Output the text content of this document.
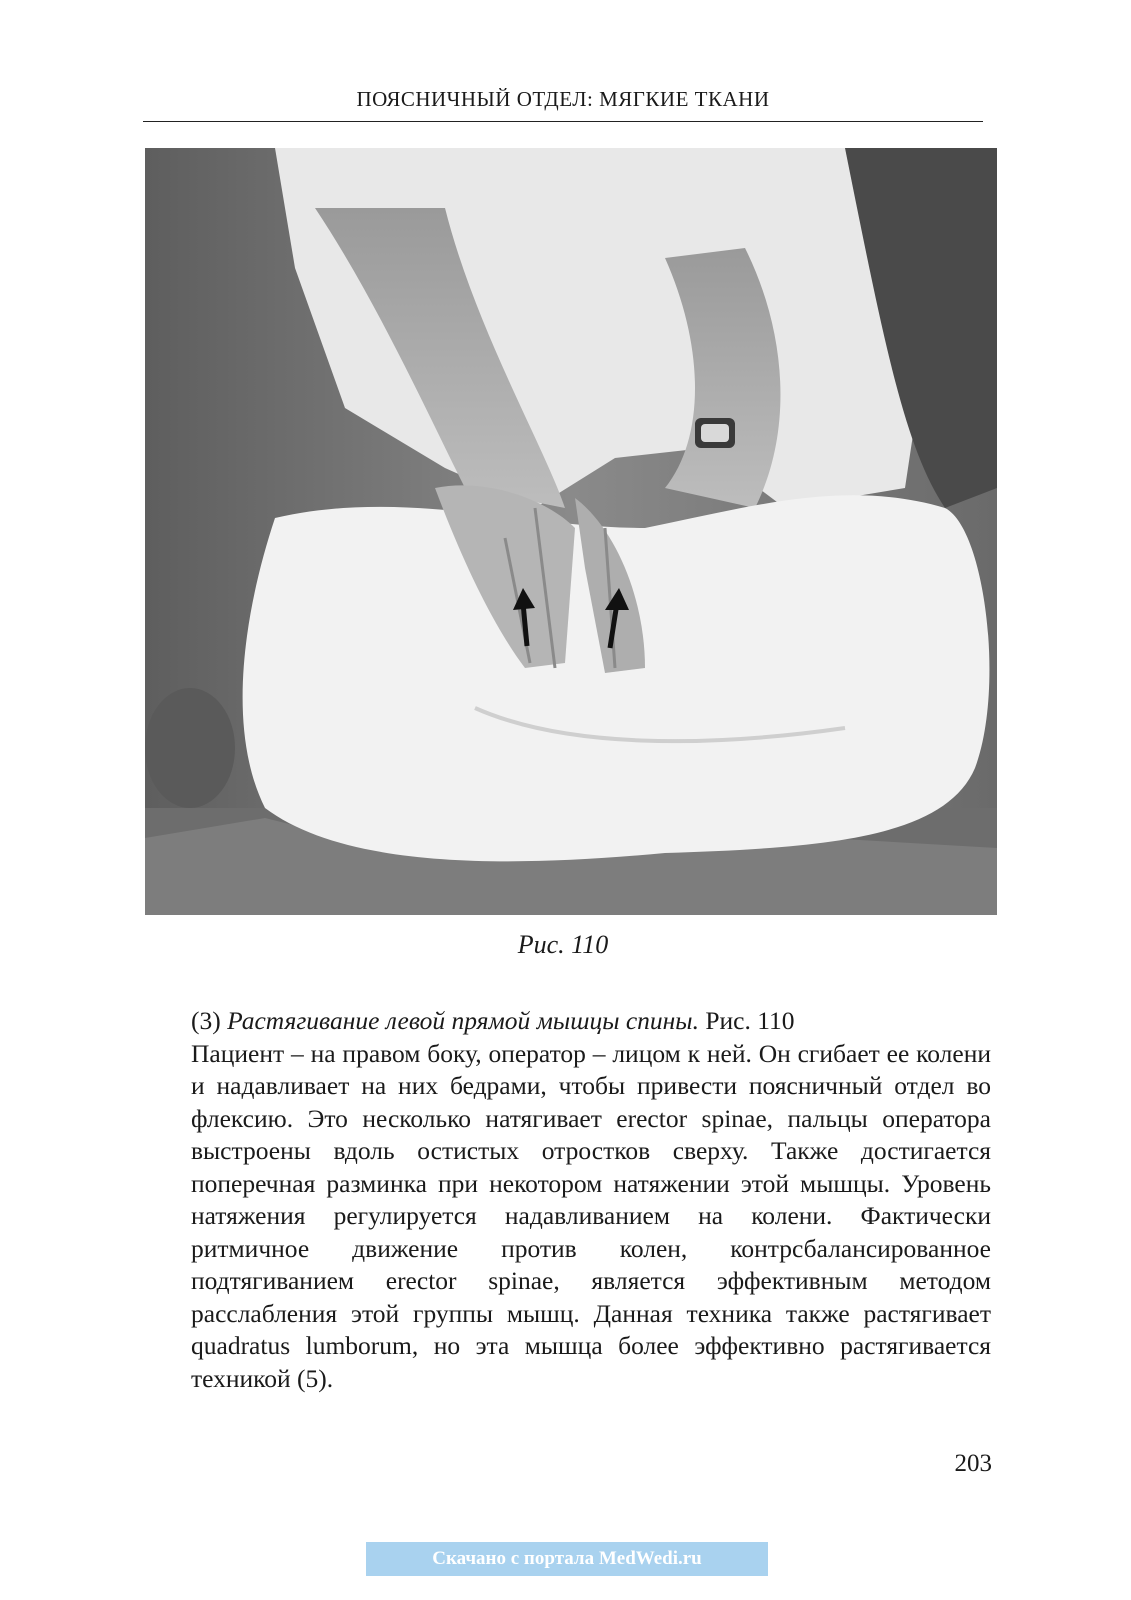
ПОЯСНИЧНЫЙ ОТДЕЛ: МЯГКИЕ ТКАНИ
Рис. 110

(3) Растягивание левой прямой мышцы спины. Рис. 110

Пациент – на правом боку, оператор – лицом к ней. Он сгибает ее колени и надавливает на них бедрами, чтобы привести поясничный отдел во флексию. Это несколько натягивает erector spinae, пальцы оператора выстроены вдоль остистых отростков сверху. Также достигается поперечная разминка при некотором натяжении этой мышцы. Уровень натяжения регулируется надавливанием на колени. Фактически ритмичное движение против колен, контрсбалансированное подтягиванием erector spinae, является эффективным методом расслабления этой группы мышц. Данная техника также растягивает quadratus lumborum, но эта мышца более эффективно растягивается техникой (5).

203
Скачано с портала MedWedi.ru
